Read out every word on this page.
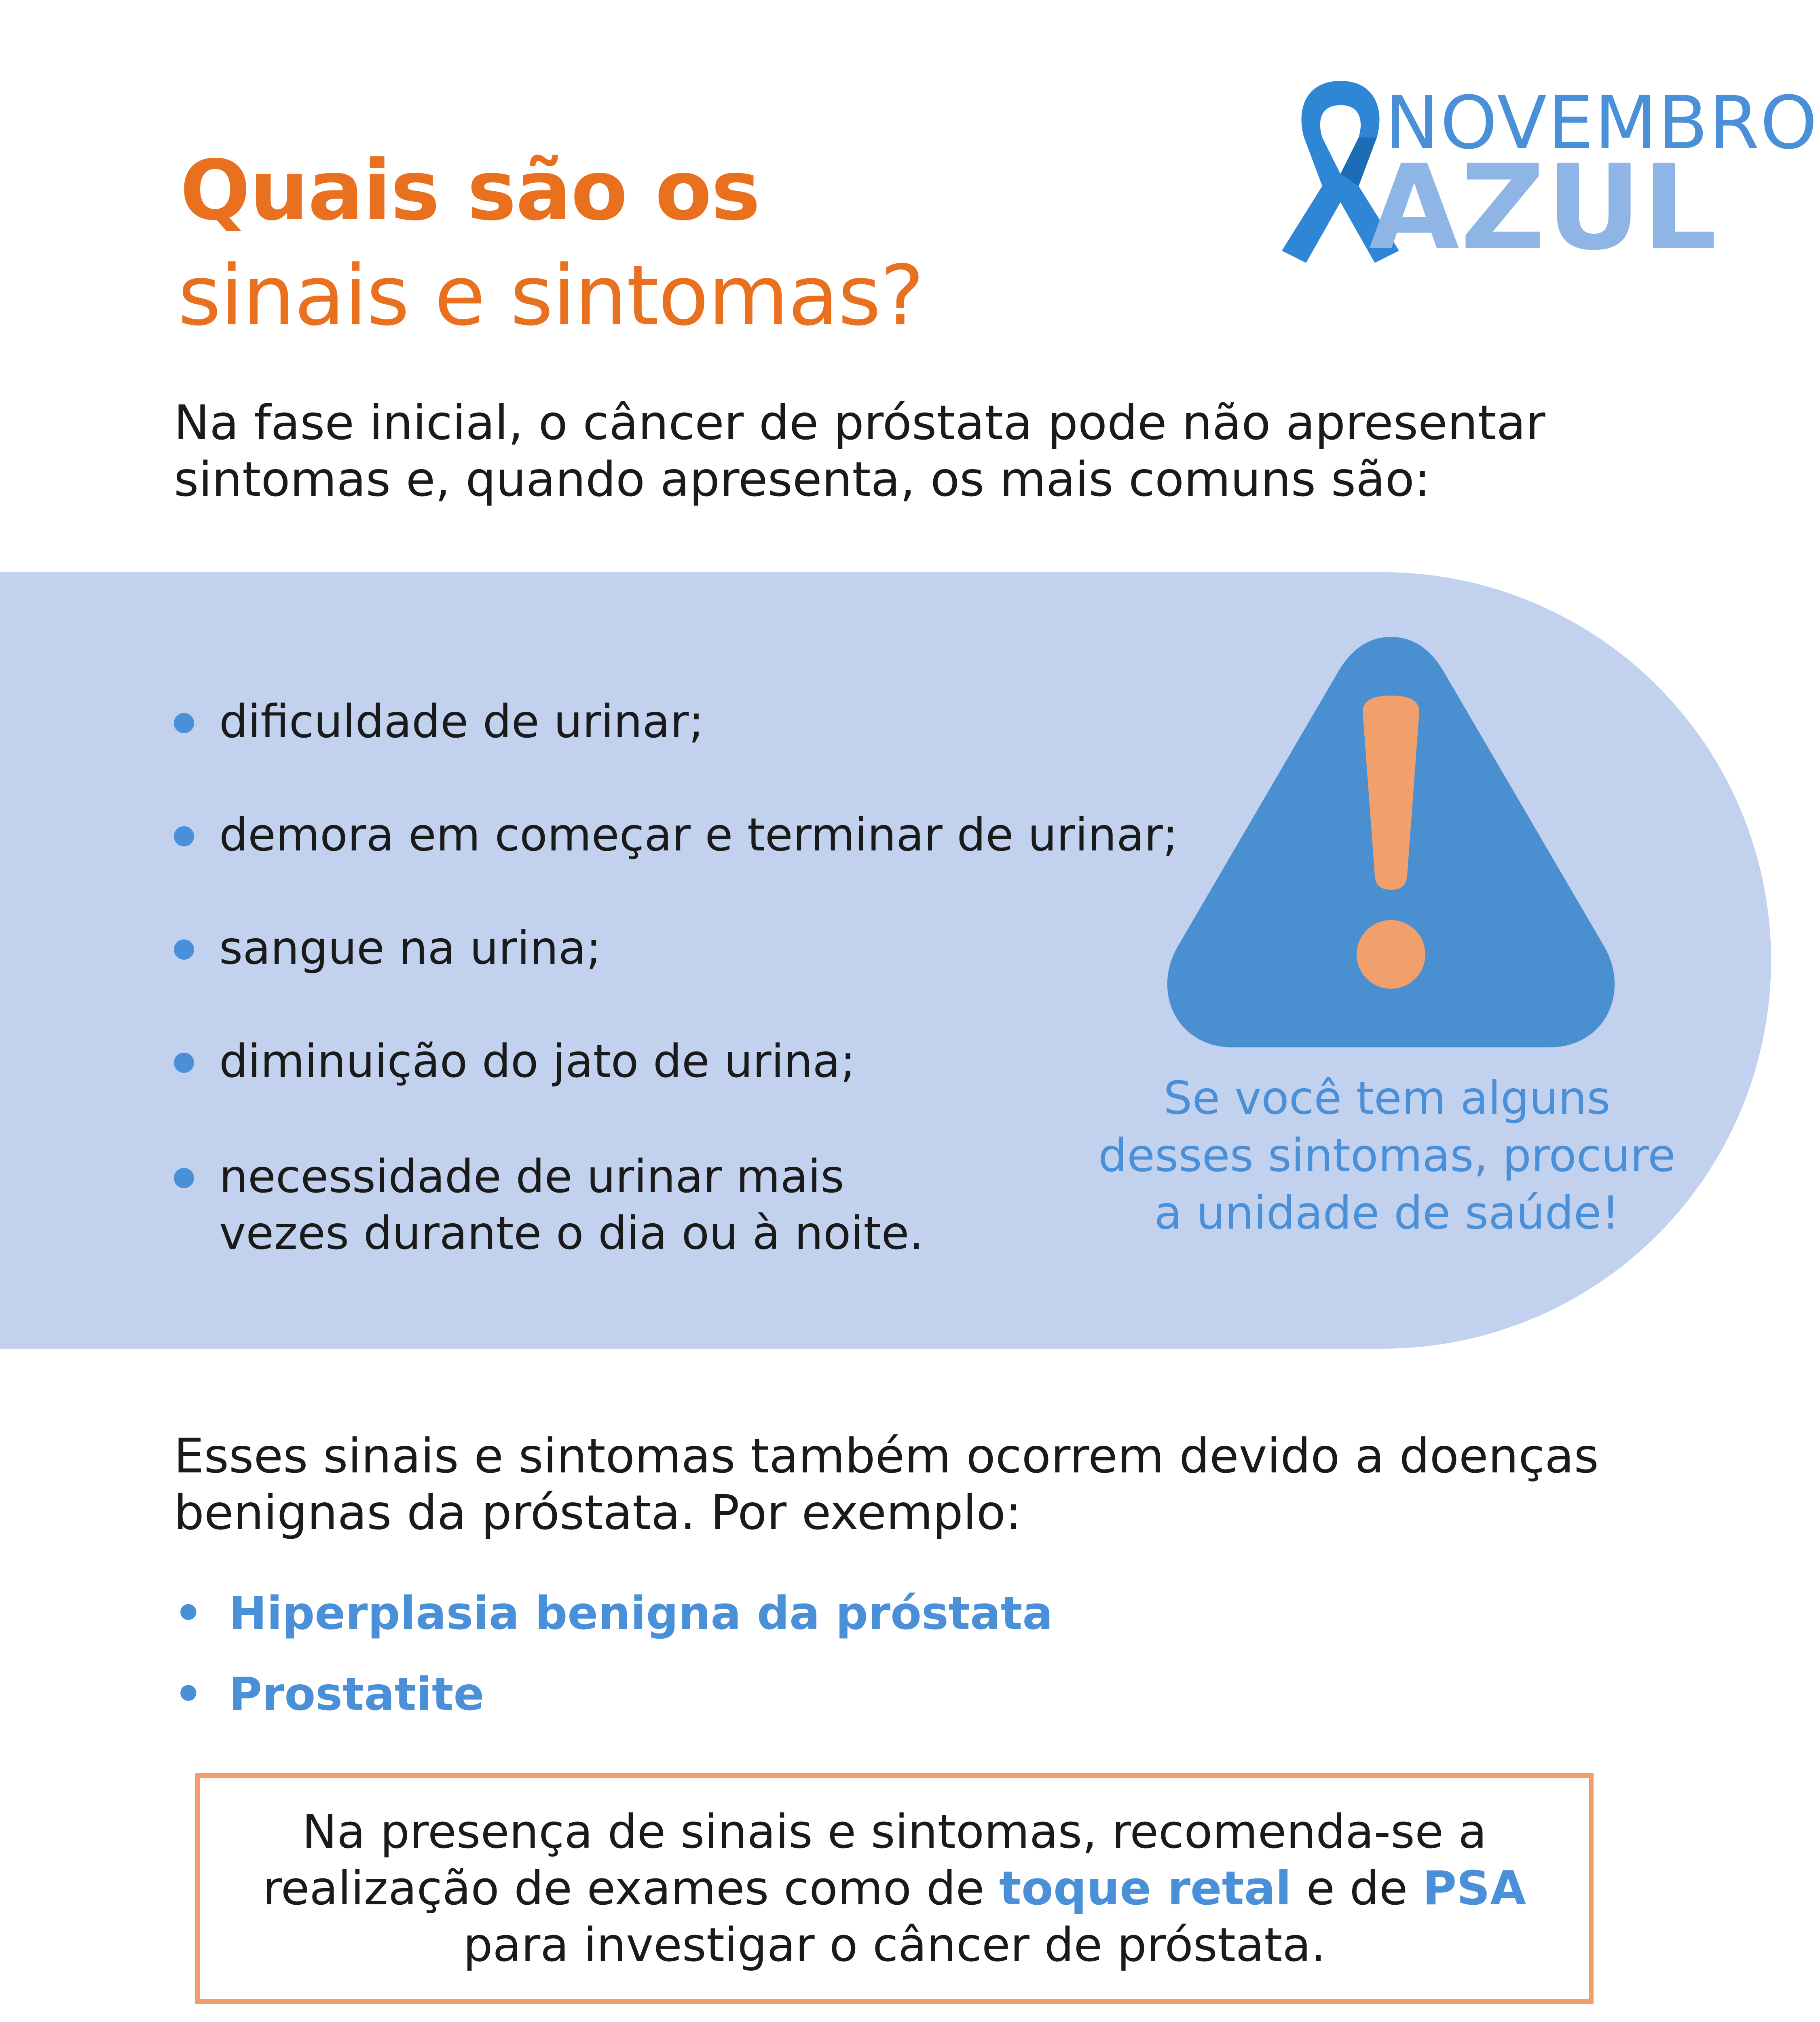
Quais são os
sinais e sintomas?
NOVEMBRO
AZUL
Na fase inicial, o câncer de próstata pode não apresentar
sintomas e, quando apresenta, os mais comuns são:
dificuldade de urinar;
demora em começar e terminar de urinar;
sangue na urina;
diminuição do jato de urina;
necessidade de urinar mais
vezes durante o dia ou à noite.
Se você tem alguns
desses sintomas, procure
a unidade de saúde!
Esses sinais e sintomas também ocorrem devido a doenças
benignas da próstata. Por exemplo:
• Hiperplasia benigna da próstata
• Prostatite
Na presença de sinais e sintomas, recomenda-se a
realização de exames como de toque retal e de PSA
para investigar o câncer de próstata.
